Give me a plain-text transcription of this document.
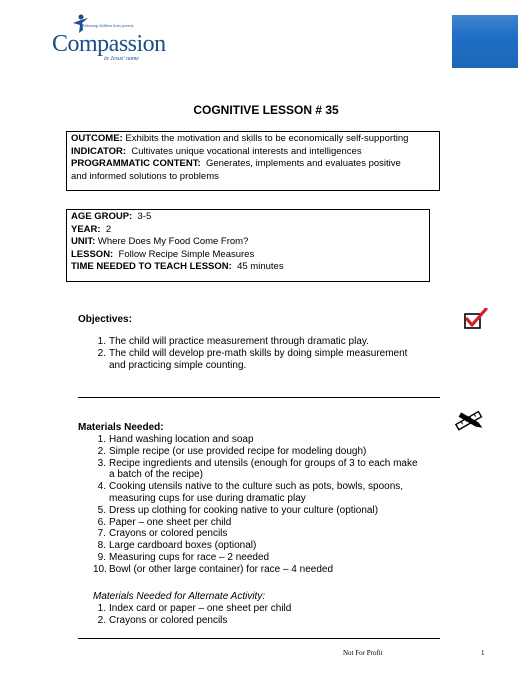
Releasing children from poverty
Compassion
in Jesus' name
COGNITIVE LESSON # 35
OUTCOME: Exhibits the motivation and skills to be economically self-supporting
INDICATOR: Cultivates unique vocational interests and intelligences
PROGRAMMATIC CONTENT: Generates, implements and evaluates positive
and informed solutions to problems
AGE GROUP: 3-5
YEAR: 2
UNIT: Where Does My Food Come From?
LESSON: Follow Recipe Simple Measures
TIME NEEDED TO TEACH LESSON: 45 minutes
Objectives:
1. The child will practice measurement through dramatic play.
2. The child will develop pre-math skills by doing simple measurement
and practicing simple counting.
Materials Needed:
1. Hand washing location and soap
2. Simple recipe (or use provided recipe for modeling dough)
3. Recipe ingredients and utensils (enough for groups of 3 to each make
a batch of the recipe)
4. Cooking utensils native to the culture such as pots, bowls, spoons,
measuring cups for use during dramatic play
5. Dress up clothing for cooking native to your culture (optional)
6. Paper – one sheet per child
7. Crayons or colored pencils
8. Large cardboard boxes (optional)
9. Measuring cups for race – 2 needed
10. Bowl (or other large container) for race – 4 needed
Materials Needed for Alternate Activity:
1. Index card or paper – one sheet per child
2. Crayons or colored pencils
Not For Profit	1
